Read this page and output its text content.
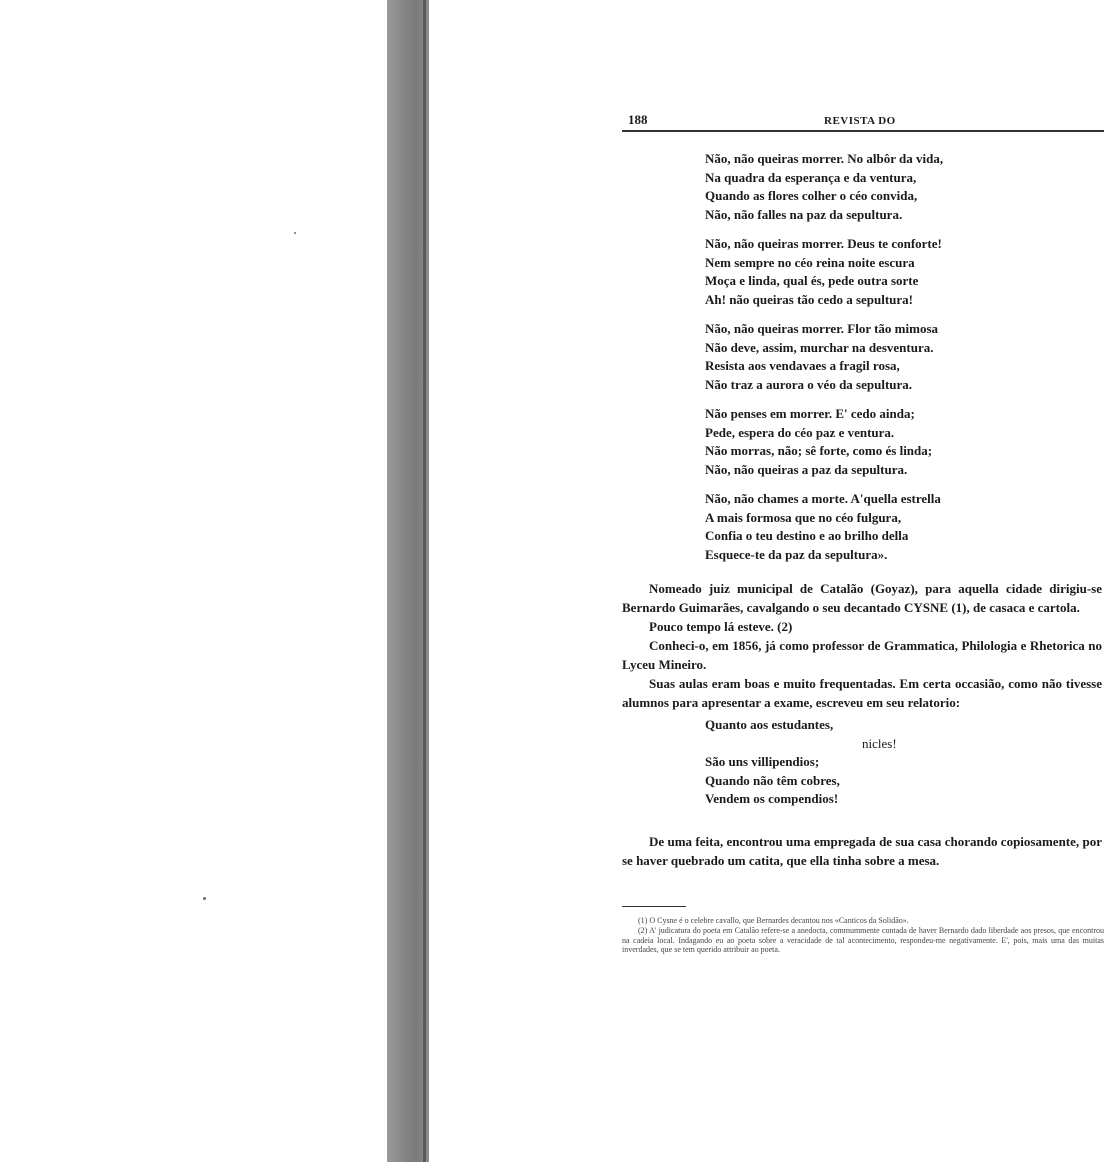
188	REVISTA DO
Não, não queiras morrer. No albôr da vida,
Na quadra da esperança e da ventura,
Quando as flores colher o céo convida,
Não, não falles na paz da sepultura.
Não, não queiras morrer. Deus te conforte!
Nem sempre no céo reina noite escura
Moça e linda, qual és, pede outra sorte
Ah! não queiras tão cedo a sepultura!
Não, não queiras morrer. Flor tão mimosa
Não deve, assim, murchar na desventura.
Resista aos vendavaes a fragil rosa,
Não traz a aurora o véo da sepultura.
Não penses em morrer. E' cedo ainda;
Pede, espera do céo paz e ventura.
Não morras, não; sê forte, como és linda;
Não, não queiras a paz da sepultura.
Não, não chames a morte. A'quella estrella
A mais formosa que no céo fulgura,
Confia o teu destino e ao brilho della
Esquece-te da paz da sepultura».

Nomeado juiz municipal de Catalão (Goyaz), para aquella cidade dirigiu-se Bernardo Guimarães, cavalgando o seu decantado CYSNE (1), de casaca e cartola.

Pouco tempo lá esteve. (2)

Conheci-o, em 1856, já como professor de Grammatica, Philologia e Rhetorica no Lyceu Mineiro.

Suas aulas eram boas e muito frequentadas. Em certa occasião, como não tivesse alumnos para apresentar a exame, escreveu em seu relatorio:

Quanto aos estudantes,
nicles!
São uns villipendios;
Quando não têm cobres,
Vendem os compendios!

De uma feita, encontrou uma empregada de sua casa chorando copiosamente, por se haver quebrado um catita, que ella tinha sobre a mesa.

(1) O Cysne é o celebre cavallo, que Bernardes decantou nos «Canticos da Solidão».

(2) A' judicatura do poeta em Catalão refere-se a anedocta, commummente contada de haver Bernardo dado liberdade aos presos, que encontrou na cadeia local. Indagando eu ao poeta sobre a veracidade de tal acontecimento, respondeu-me negativamente. E', pois, mais uma das muitas inverdades, que se tem querido attribuir ao poeta.
